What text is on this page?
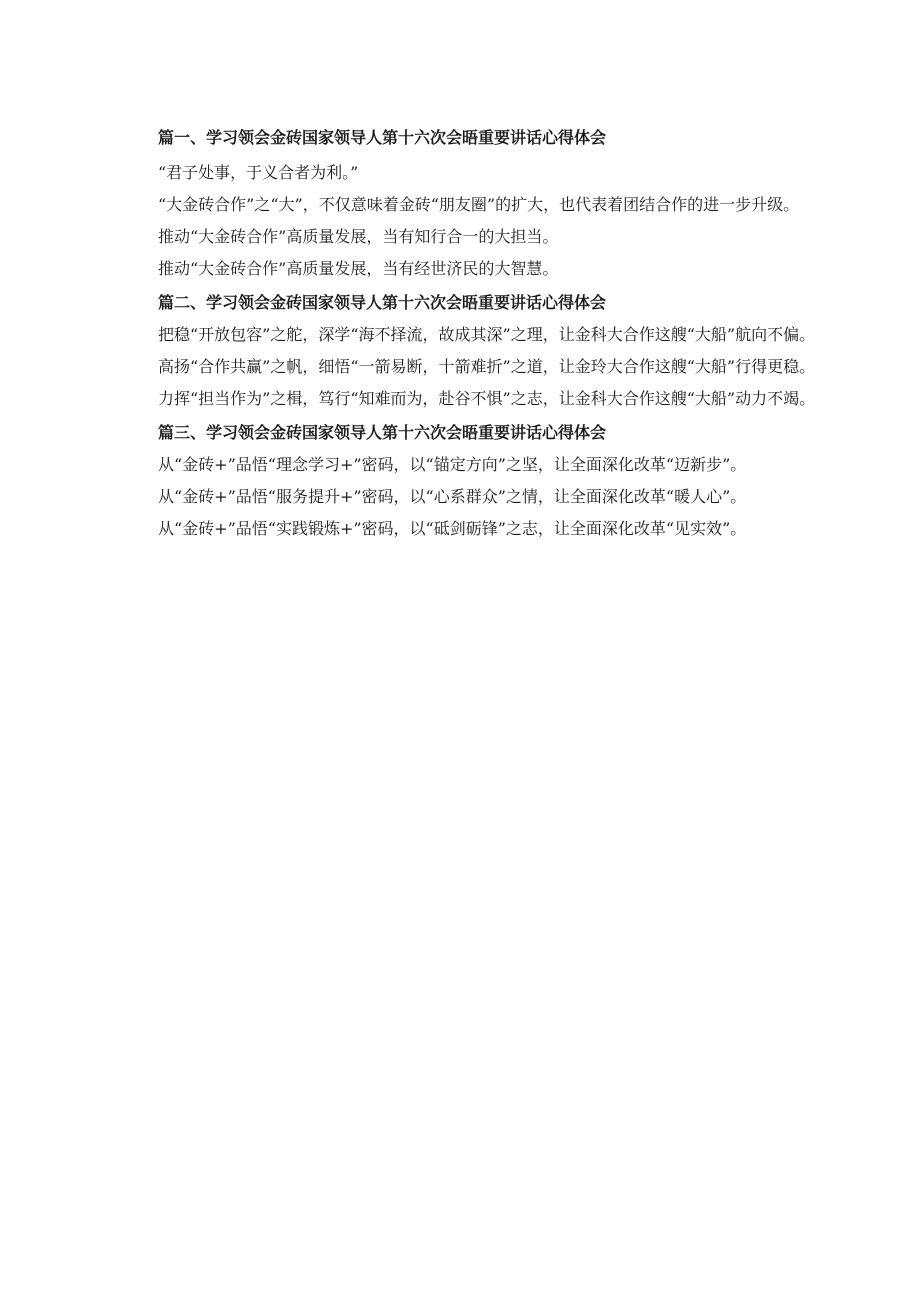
篇一、学习领会金砖国家领导人第十六次会晤重要讲话心得体会

“君子处事，于义合者为利。”

“大金砖合作”之“大”，不仅意味着金砖“朋友圈”的扩大，也代表着团结合作的进一步升级。

推动“大金砖合作”高质量发展，当有知行合一的大担当。

推动“大金砖合作”高质量发展，当有经世济民的大智慧。

篇二、学习领会金砖国家领导人第十六次会晤重要讲话心得体会

把稳“开放包容”之舵，深学“海不择流，故成其深”之理，让金科大合作这艘“大船”航向不偏。

高扬“合作共赢”之帆，细悟“一箭易断，十箭难折”之道，让金玲大合作这艘“大船”行得更稳。

力挥“担当作为”之楫，笃行“知难而为，赴谷不惧”之志，让金科大合作这艘“大船”动力不竭。

篇三、学习领会金砖国家领导人第十六次会晤重要讲话心得体会

从“金砖+”品悟“理念学习+”密码，以“锚定方向”之坚，让全面深化改革“迈新步”。

从“金砖+”品悟“服务提升+”密码，以“心系群众”之情，让全面深化改革“暖人心”。

从“金砖+”品悟“实践锻炼+”密码，以“砥剑砺锋”之志，让全面深化改革“见实效”。
